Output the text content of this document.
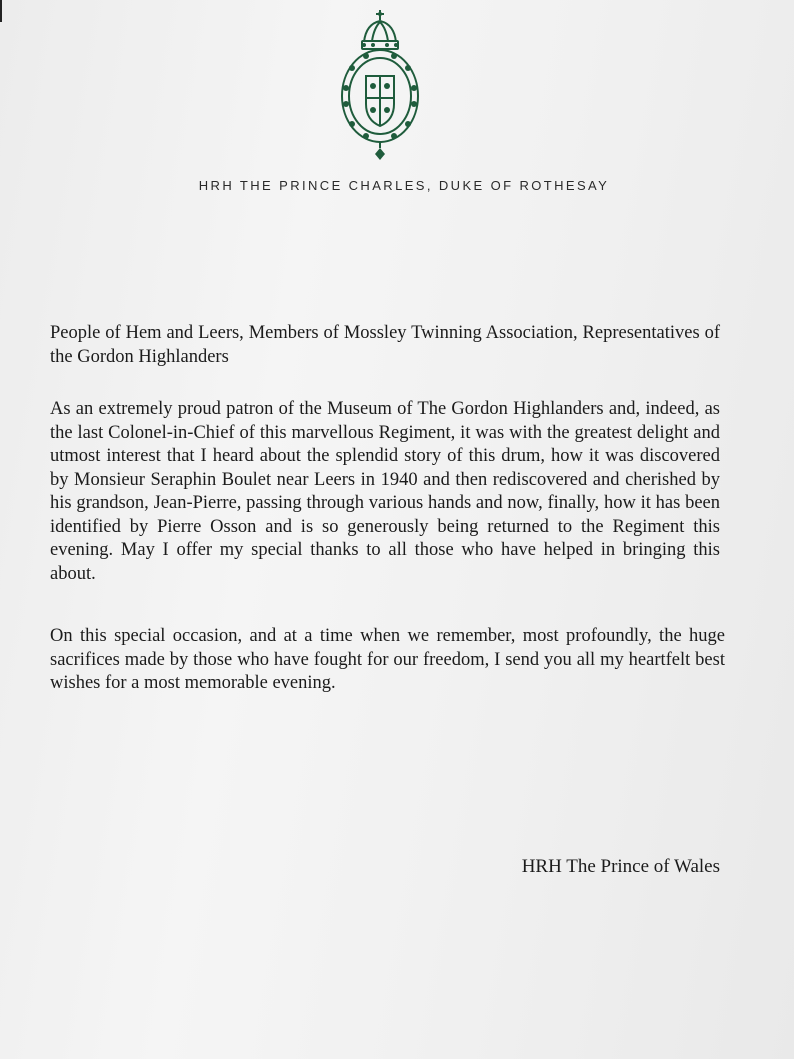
HRH THE PRINCE CHARLES, DUKE OF ROTHESAY
People of Hem and Leers, Members of Mossley Twinning Association, Representatives of the Gordon Highlanders
As an extremely proud patron of the Museum of The Gordon Highlanders and, indeed, as the last Colonel-in-Chief of this marvellous Regiment, it was with the greatest delight and utmost interest that I heard about the splendid story of this drum, how it was discovered by Monsieur Seraphin Boulet near Leers in 1940 and then rediscovered and cherished by his grandson, Jean-Pierre, passing through various hands and now, finally, how it has been identified by Pierre Osson and is so generously being returned to the Regiment this evening. May I offer my special thanks to all those who have helped in bringing this about.
On this special occasion, and at a time when we remember, most profoundly, the huge sacrifices made by those who have fought for our freedom, I send you all my heartfelt best wishes for a most memorable evening.
HRH The Prince of Wales
